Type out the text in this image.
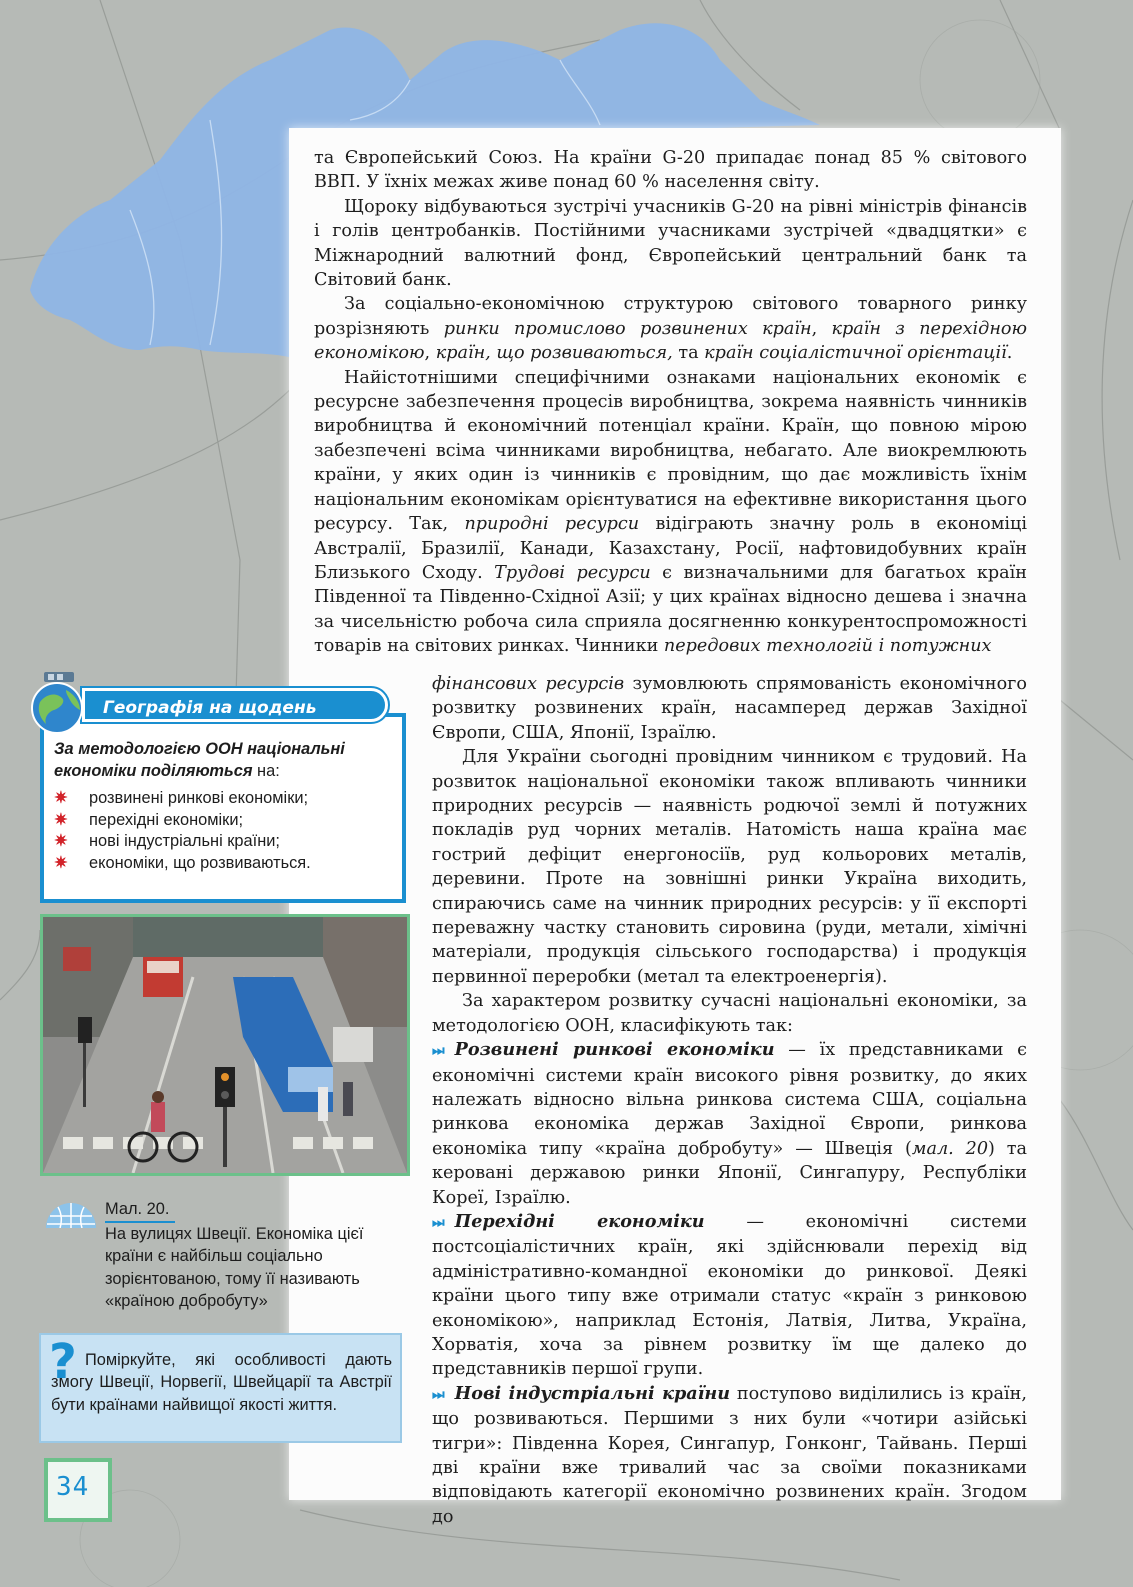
та Європейський Союз. На країни G-20 припадає понад 85 % світового ВВП. У їхніх межах живе понад 60 % населення світу.

Щороку відбуваються зустрічі учасників G-20 на рівні міністрів фінансів і голів центробанків. Постійними учасниками зустрічей «двадцятки» є Міжнародний валютний фонд, Європейський центральний банк та Світовий банк.

За соціально-економічною структурою світового товарного ринку розрізняють ринки промислово розвинених країн, країн з перехідною економікою, країн, що розвиваються, та країн соціалістичної орієнтації.

Найістотнішими специфічними ознаками національних економік є ресурсне забезпечення процесів виробництва, зокрема наявність чинників виробництва й економічний потенціал країни. Країн, що повною мірою забезпечені всіма чинниками виробництва, небагато. Але виокремлюють країни, у яких один із чинників є провідним, що дає можливість їхнім національним економікам орієнтуватися на ефективне використання цього ресурсу. Так, природні ресурси відіграють значну роль в економіці Австралії, Бразилії, Канади, Казахстану, Росії, нафтовидобувних країн Близького Сходу. Трудові ресурси є визначальними для багатьох країн Південної та Південно-Східної Азії; у цих країнах відносно дешева і значна за чисельністю робоча сила сприяла досягненню конкурентоспроможності товарів на світових ринках. Чинники передових технологій і потужних

фінансових ресурсів зумовлюють спрямованість економічного розвитку розвинених країн, насамперед держав Західної Європи, США, Японії, Ізраїлю.

Для України сьогодні провідним чинником є трудовий. На розвиток національної економіки також впливають чинники природних ресурсів — наявність родючої землі й потужних покладів руд чорних металів. Натомість наша країна має гострий дефіцит енергоносіїв, руд кольорових металів, деревини. Проте на зовнішні ринки Україна виходить, спираючись саме на чинник природних ресурсів: у її експорті переважну частку становить сировина (руди, метали, хімічні матеріали, продукція сільського господарства) і продукція первинної переробки (метал та електроенергія).

За характером розвитку сучасні національні економіки, за методологією ООН, класифікують так:

⏭ Розвинені ринкові економіки — їх представниками є економічні системи країн високого рівня розвитку, до яких належать відносно вільна ринкова система США, соціальна ринкова економіка держав Західної Європи, ринкова економіка типу «країна добробуту» — Швеція (мал. 20) та керовані державою ринки Японії, Сингапуру, Республіки Кореї, Ізраїлю.

⏭ Перехідні економіки — економічні системи постсоціалістичних країн, які здійснювали перехід від адміністративно-командної економіки до ринкової. Деякі країни цього типу вже отримали статус «країн з ринковою економікою», наприклад Естонія, Латвія, Литва, Україна, Хорватія, хоча за рівнем розвитку їм ще далеко до представників першої групи.

⏭ Нові індустріальні країни поступово виділились із країн, що розвиваються. Першими з них були «чотири азійські тигри»: Південна Корея, Сингапур, Гонконг, Тайвань. Перші дві країни вже тривалий час за своїми показниками відповідають категорії економічно розвинених країн. Згодом до

За методологією ООН національні економіки поділяються на:
✷ розвинені ринкові економіки;
✷ перехідні економіки;
✷ нові індустріальні країни;
✷ економіки, що розвиваються.
Географія на щодень
Мал. 20.
На вулицях Швеції. Економіка цієї країни є найбільш соціально зорієнтованою, тому її називають «країною добробуту»
? Поміркуйте, які особливості дають змогу Швеції, Норвегії, Швейцарії та Австрії бути країнами найвищої якості життя.
34
